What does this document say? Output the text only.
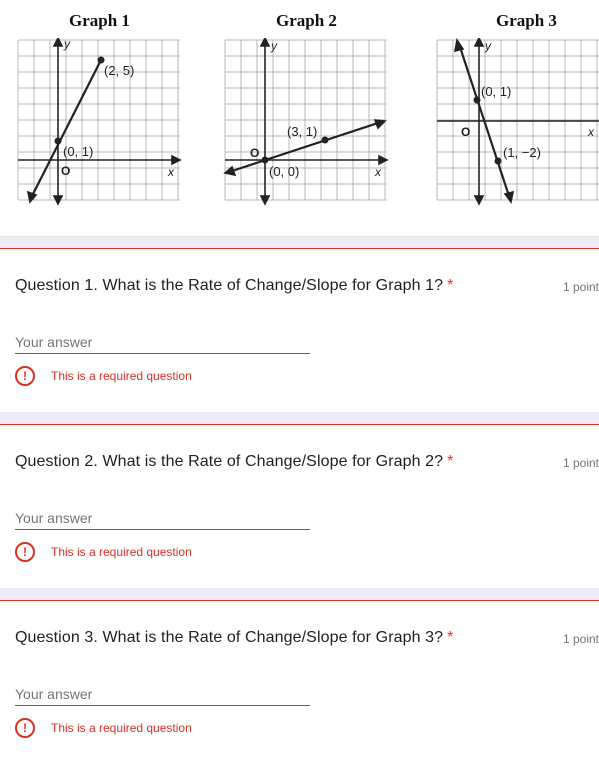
Graph 1	Graph 2	Graph 3
y
x
O
(2, 5)
(0, 1)
y
x
O
(3, 1)
(0, 0)
y
x
O
(0, 1)
(1, −2)
Question 1. What is the Rate of Change/Slope for Graph 1? *	1 point
Your answer
!	This is a required question
Question 2. What is the Rate of Change/Slope for Graph 2? *	1 point
Your answer
!	This is a required question
Question 3. What is the Rate of Change/Slope for Graph 3? *	1 point
Your answer
!	This is a required question
